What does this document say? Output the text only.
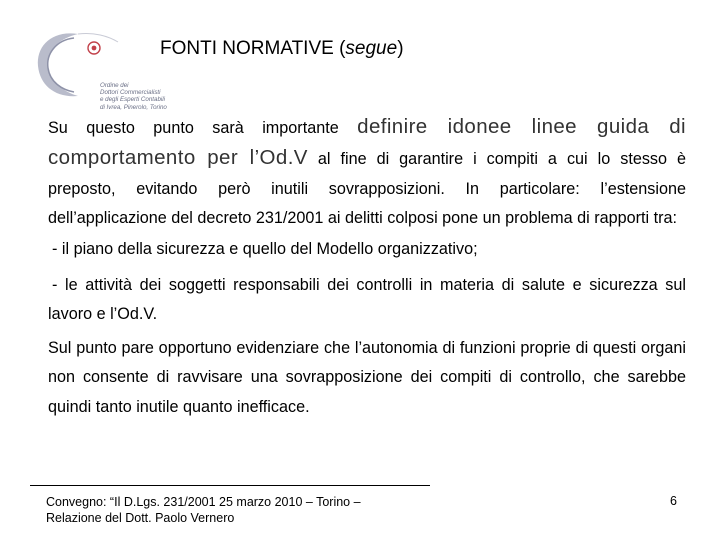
Ordine dei
Dottori Commercialisti
e degli Esperti Contabili
di Ivrea, Pinerolo, Torino
FONTI NORMATIVE (segue)

Su questo punto sarà importante definire idonee linee guida di comportamento per l’Od.V al fine di garantire i compiti a cui lo stesso è preposto, evitando però inutili sovrapposizioni. In particolare: l’estensione dell’applicazione del decreto 231/2001 ai delitti colposi pone un problema di rapporti tra:

- il piano della sicurezza e quello del Modello organizzativo;

- le attività dei soggetti responsabili dei controlli in materia di salute e sicurezza sul lavoro e l’Od.V.

Sul punto pare opportuno evidenziare che l’autonomia di funzioni proprie di questi organi non consente di ravvisare una sovrapposizione dei compiti di controllo, che sarebbe quindi tanto inutile quanto inefficace.

Convegno: “Il D.Lgs. 231/2001 25 marzo 2010 – Torino –
Relazione del Dott. Paolo Vernero
6
